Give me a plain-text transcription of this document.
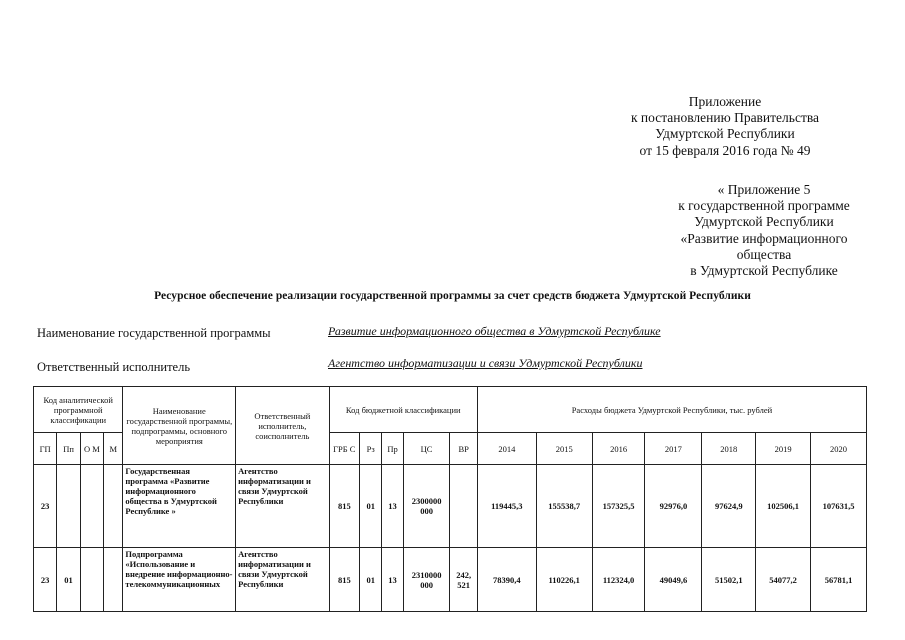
Приложение
к постановлению Правительства
Удмуртской Республики
от 15 февраля 2016 года № 49
« Приложение 5
к государственной программе
Удмуртской Республики
«Развитие информационного
общества
в Удмуртской Республике
Ресурсное обеспечение реализации государственной программы за счет средств бюджета Удмуртской Республики
Наименование государственной программы	Развитие информационного общества в Удмуртской Республике
Ответственный исполнитель	Агентство информатизации и связи Удмуртской Республики
Код аналитической программной классификации				Наименование государственной программы, подпрограммы, основного мероприятия	Ответственный исполнитель, соисполнитель	Код бюджетной классификации					Расходы бюджета Удмуртской Республики, тыс. рублей						
ГП	Пп	О М	М			ГРБ С	Рз	Пр	ЦС	ВР	2014	2015	2016	2017	2018	2019	2020
23				Государственная программа «Развитие информационного общества в Удмуртской Республике »	Агентство информатизации и связи Удмуртской Республики	815	01	13	2300000 000		119445,3	155538,7	157325,5	92976,0	97624,9	102506,1	107631,5
23	01			Подпрограмма «Использование и внедрение информационно-телекоммуникационных	Агентство информатизации и связи Удмуртской Республики	815	01	13	2310000 000	242, 521	78390,4	110226,1	112324,0	49049,6	51502,1	54077,2	56781,1
